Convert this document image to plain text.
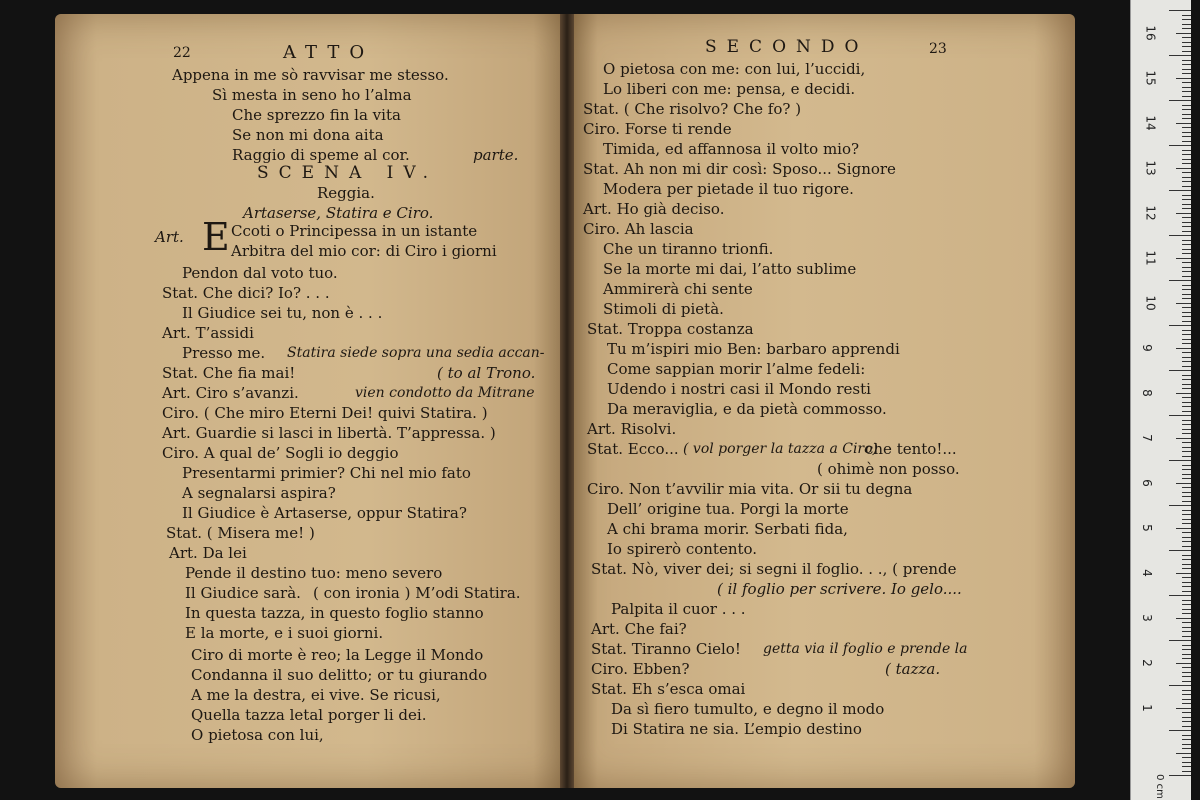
22	ATTO
Appena in me sò ravvisar me stesso.
Sì mesta in seno ho l’alma
Che sprezzo fin la vita
Se non mi dona aita
Raggio di speme al cor.	parte.
SCENA IV.
Reggia.
Artaserse, Statira e Ciro.
Art. E Ccoti o Principessa in un istante
Arbitra del mio cor: di Ciro i giorni
Pendon dal voto tuo.
Stat. Che dici? Io? . . .
Il Giudice sei tu, non è . . .
Art. T’assidi
Presso me. Statira siede sopra una sedia accan-
Stat. Che fia mai!	( to al Trono.
Art. Ciro s’avanzi.	vien condotto da Mitrane
Ciro. ( Che miro Eterni Dei! quivi Statira. )
Art. Guardie si lasci in libertà. T’appressa. )
Ciro. A qual de’ Sogli io deggio
Presentarmi primier? Chi nel mio fato
A segnalarsi aspira?
Il Giudice è Artaserse, oppur Statira?
Stat. ( Misera me! )
Art. Da lei
Pende il destino tuo: meno severo
Il Giudice sarà. ( con ironia ) M’odi Statira.
In questa tazza, in questo foglio stanno
E la morte, e i suoi giorni.
Ciro di morte è reo; la Legge il Mondo
Condanna il suo delitto; or tu giurando
A me la destra, ei vive. Se ricusi,
Quella tazza letal porger li dei.
O pietosa con lui,
SECONDO	23
O pietosa con me: con lui, l’uccidi,
Lo liberi con me: pensa, e decidi.
Stat. ( Che risolvo? Che fo? )
Ciro. Forse ti rende
Timida, ed affannosa il volto mio?
Stat. Ah non mi dir così: Sposo... Signore
Modera per pietade il tuo rigore.
Art. Ho già deciso.
Ciro. Ah lascia
Che un tiranno trionfi.
Se la morte mi dai, l’atto sublime
Ammirerà chi sente
Stimoli di pietà.
Stat. Troppa costanza
Tu m’ispiri mio Ben: barbaro apprendi
Come sappian morir l’alme fedeli:
Udendo i nostri casi il Mondo resti
Da meraviglia, e da pietà commosso.
Art. Risolvi.
Stat. Ecco... ( vol porger la tazza a Ciro)
che tento!...
( ohimè non posso.
Ciro. Non t’avvilir mia vita. Or sii tu degna
Dell’ origine tua. Porgi la morte
A chi brama morir. Serbati fida,
Io spirerò contento.
Stat. Nò, viver dei; si segni il foglio. . ., ( prende
( il foglio per scrivere. Io gelo....
Palpita il cuor . . .
Art. Che fai?
Stat. Tiranno Cielo! getta via il foglio e prende la
Ciro. Ebben?	( tazza.
Stat. Eh s’esca omai
Da sì fiero tumulto, e degno il modo
Di Statira ne sia. L’empio destino
16
15
14
13
12
11
10
9
8
7
6
5
4
3
2
1
0 cm
